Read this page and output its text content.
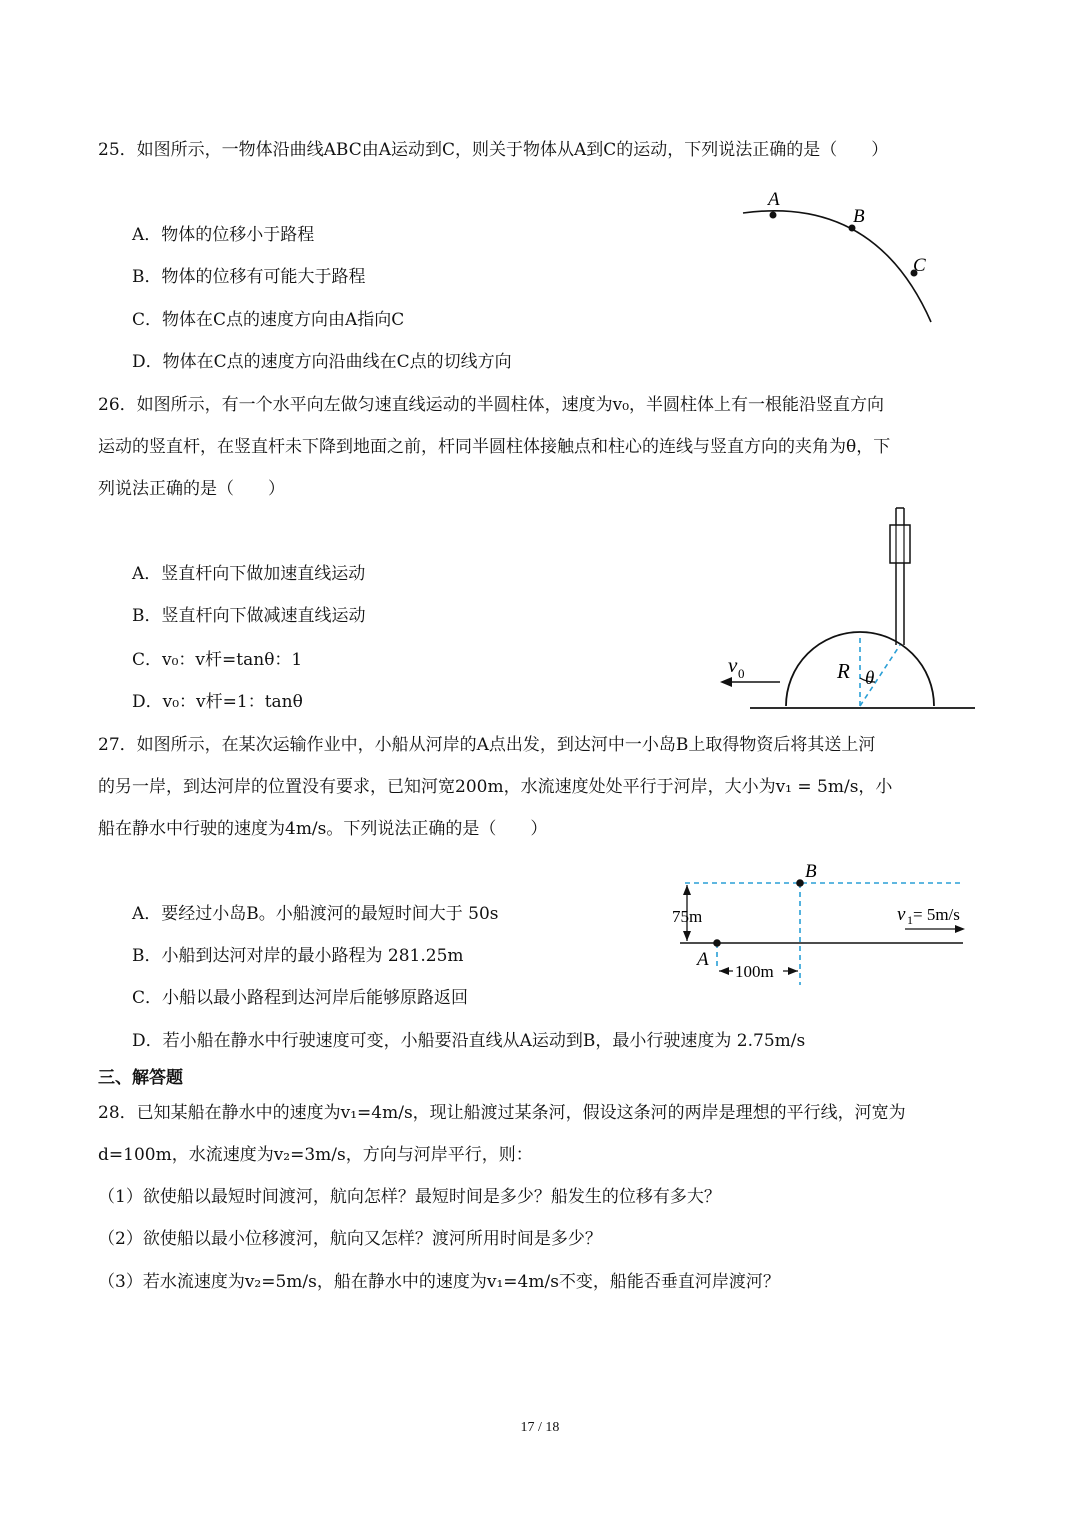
25．如图所示，一物体沿曲线ABC由A运动到C，则关于物体从A到C的运动，下列说法正确的是（　　）
A．物体的位移小于路程
B．物体的位移有可能大于路程
C．物体在C点的速度方向由A指向C
D．物体在C点的速度方向沿曲线在C点的切线方向
A
B
C
26．如图所示，有一个水平向左做匀速直线运动的半圆柱体，速度为v₀，半圆柱体上有一根能沿竖直方向
运动的竖直杆，在竖直杆未下降到地面之前，杆同半圆柱体接触点和柱心的连线与竖直方向的夹角为θ，下
列说法正确的是（　　）
A．竖直杆向下做加速直线运动
B．竖直杆向下做减速直线运动
C．v₀：v杆=tanθ：1
D．v₀：v杆=1：tanθ
v 0	R θ
27．如图所示，在某次运输作业中，小船从河岸的A点出发，到达河中一小岛B上取得物资后将其送上河
的另一岸，到达河岸的位置没有要求，已知河宽200m，水流速度处处平行于河岸，大小为v₁ = 5m/s，小
船在静水中行驶的速度为4m/s。下列说法正确的是（　　）
A．要经过小岛B。小船渡河的最短时间大于 50s
B．小船到达河对岸的最小路程为 281.25m
C．小船以最小路程到达河岸后能够原路返回
D．若小船在静水中行驶速度可变，小船要沿直线从A运动到B，最小行驶速度为 2.75m/s
75m
100m
B
A
v 1 = 5m/s
三、解答题
28．已知某船在静水中的速度为v₁=4m/s，现让船渡过某条河，假设这条河的两岸是理想的平行线，河宽为
d=100m，水流速度为v₂=3m/s，方向与河岸平行，则：
（1）欲使船以最短时间渡河，航向怎样？最短时间是多少？船发生的位移有多大？
（2）欲使船以最小位移渡河，航向又怎样？渡河所用时间是多少？
（3）若水流速度为v₂=5m/s，船在静水中的速度为v₁=4m/s不变，船能否垂直河岸渡河？
17 / 18
